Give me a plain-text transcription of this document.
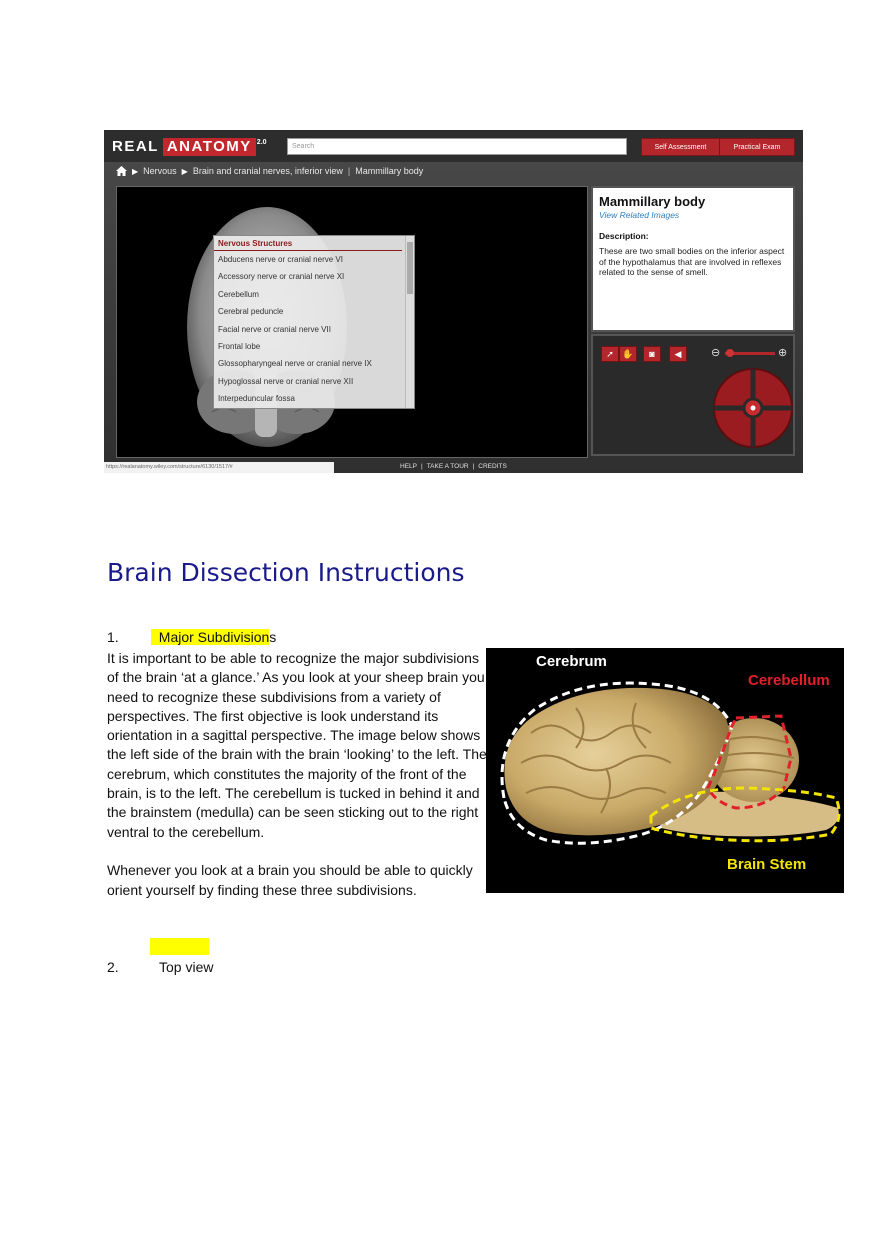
REAL ANATOMY 2.0
Search	Self Assessment	Practical Exam
▶ Nervous ▶ Brain and cranial nerves, inferior view | Mammillary body
Nervous Structures
Abducens nerve or cranial nerve VI
Accessory nerve or cranial nerve XI
Cerebellum
Cerebral peduncle
Facial nerve or cranial nerve VII
Frontal lobe
Glossopharyngeal nerve or cranial nerve IX
Hypoglossal nerve or cranial nerve XII
Interpeduncular fossa
Mammillary body
View Related Images
Description:
These are two small bodies on the inferior aspect of the hypothalamus that are involved in reflexes related to the sense of smell.
➚ ✋	◙	◀	⊖	⊕
https://realanatomy.wiley.com/structure/6130/1517/#	HELP | TAKE A TOUR | CREDITS
Brain Dissection Instructions
1.  Major Subdivisions

It is important to be able to recognize the major subdivisions of the brain ‘at a glance.’ As you look at your sheep brain you need to recognize these subdivisions from a variety of perspectives. The first objective is look understand its orientation in a sagittal perspective. The image below shows the left side of the brain with the brain ‘looking’ to the left. The cerebrum, which constitutes the majority of the front of the brain, is to the left. The cerebellum is tucked in behind it and the brainstem (medulla) can be seen sticking out to the right ventral to the cerebellum.

Whenever you look at a brain you should be able to quickly orient yourself by finding these three subdivisions.

2.	Top view
Cerebrum
Cerebellum
Brain Stem
